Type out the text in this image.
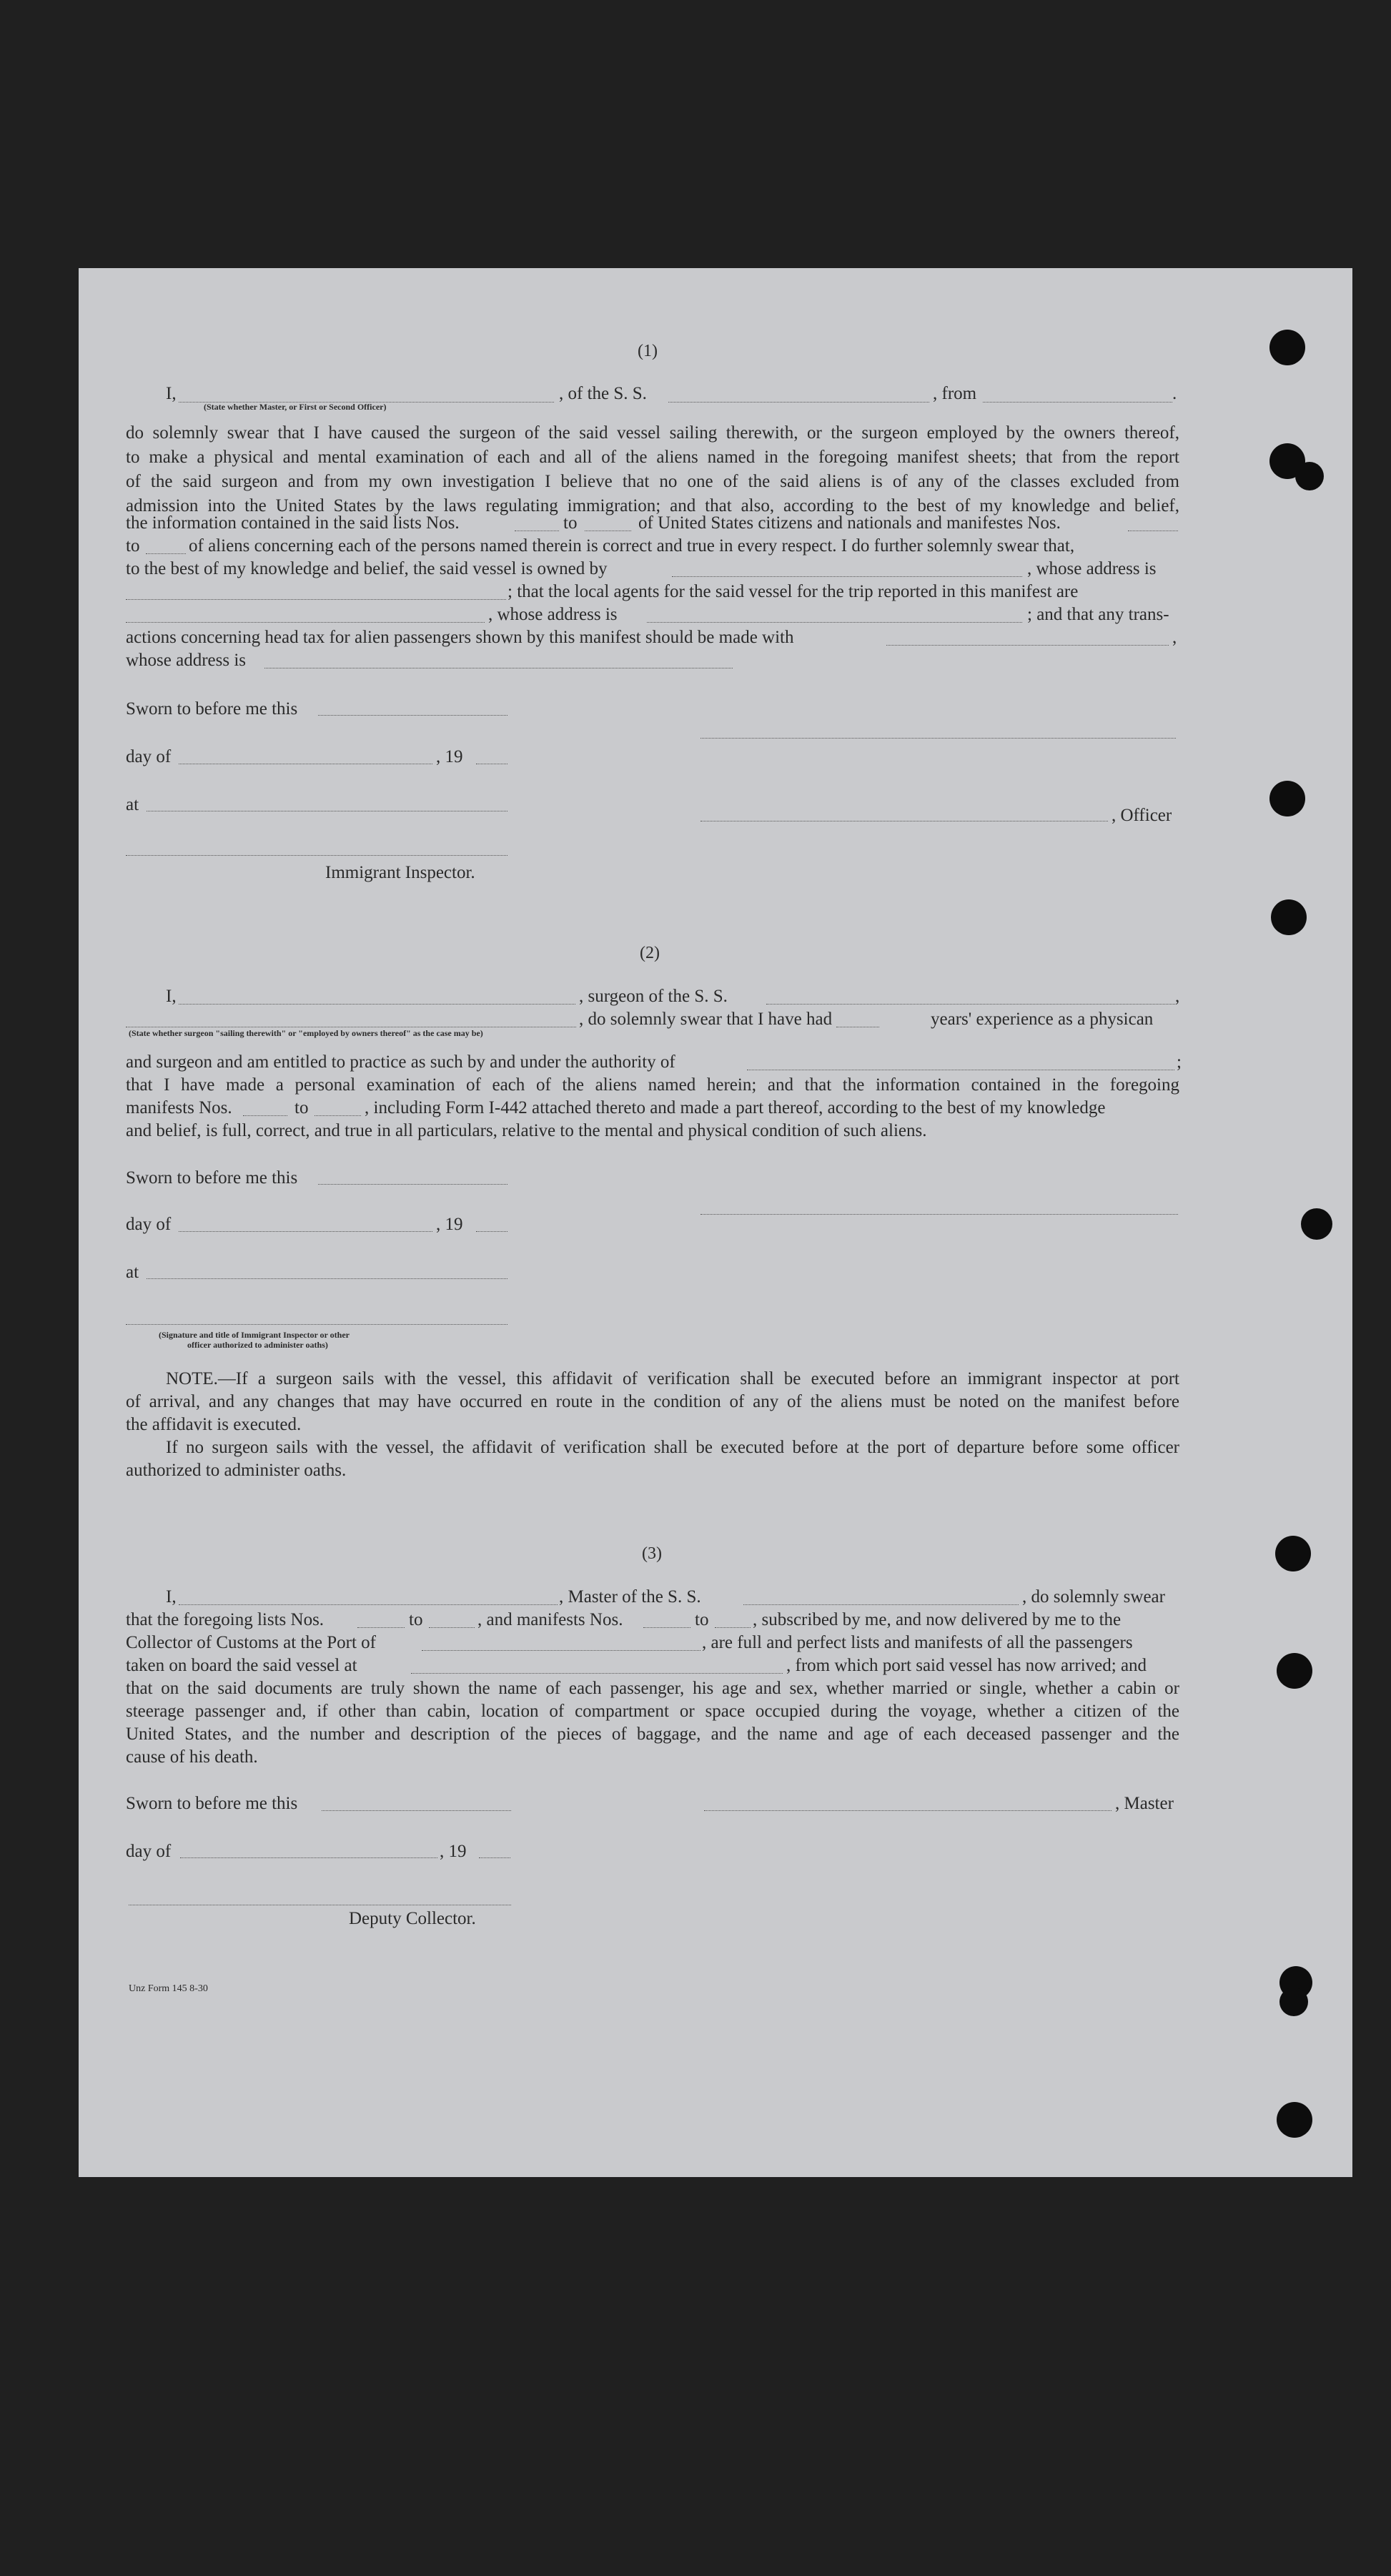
(1)
I,
(State whether Master, or First or Second Officer)
, of the S. S.	, from	.
do solemnly swear that I have caused the surgeon of the said vessel sailing therewith, or the surgeon employed by the owners thereof,
to make a physical and mental examination of each and all of the aliens named in the foregoing manifest sheets; that from the report
of the said surgeon and from my own investigation I believe that no one of the said aliens is of any of the classes excluded from
admission into the United States by the laws regulating immigration; and that also, according to the best of my knowledge and belief,
the information contained in the said lists Nos.	to	of United States citizens and nationals and manifestes Nos.
to	of aliens concerning each of the persons named therein is correct and true in every respect. I do further solemnly swear that,
to the best of my knowledge and belief, the said vessel is owned by	, whose address is
; that the local agents for the said vessel for the trip reported in this manifest are
, whose address is	; and that any trans-
actions concerning head tax for alien passengers shown by this manifest should be made with	,
whose address is
Sworn to before me this
day of	, 19
at
, Officer
Immigrant Inspector.
(2)
I,	, surgeon of the S. S.	,
, do solemnly swear that I have had	years' experience as a physican
(State whether surgeon "sailing therewith" or "employed by owners thereof" as the case may be)
and surgeon and am entitled to practice as such by and under the authority of	;
that I have made a personal examination of each of the aliens named herein; and that the information contained in the foregoing
manifests Nos.	to	, including Form I-442 attached thereto and made a part thereof, according to the best of my knowledge
and belief, is full, correct, and true in all particulars, relative to the mental and physical condition of such aliens.
Sworn to before me this
day of	, 19
at
(Signature and title of Immigrant Inspector or other
officer authorized to administer oaths)
NOTE.—If a surgeon sails with the vessel, this affidavit of verification shall be executed before an immigrant inspector at port
of arrival, and any changes that may have occurred en route in the condition of any of the aliens must be noted on the manifest before
the affidavit is executed.
If no surgeon sails with the vessel, the affidavit of verification shall be executed before at the port of departure before some officer
authorized to administer oaths.
(3)
I,	, Master of the S. S.	, do solemnly swear
that the foregoing lists Nos.	to	, and manifests Nos.	to , subscribed by me, and now delivered by me to the
Collector of Customs at the Port of	, are full and perfect lists and manifests of all the passengers
taken on board the said vessel at	, from which port said vessel has now arrived; and
that on the said documents are truly shown the name of each passenger, his age and sex, whether married or single, whether a cabin or
steerage passenger and, if other than cabin, location of compartment or space occupied during the voyage, whether a citizen of the
United States, and the number and description of the pieces of baggage, and the name and age of each deceased passenger and the
cause of his death.
Sworn to before me this	, Master
day of	, 19
Deputy Collector.
Unz Form 145 8-30
